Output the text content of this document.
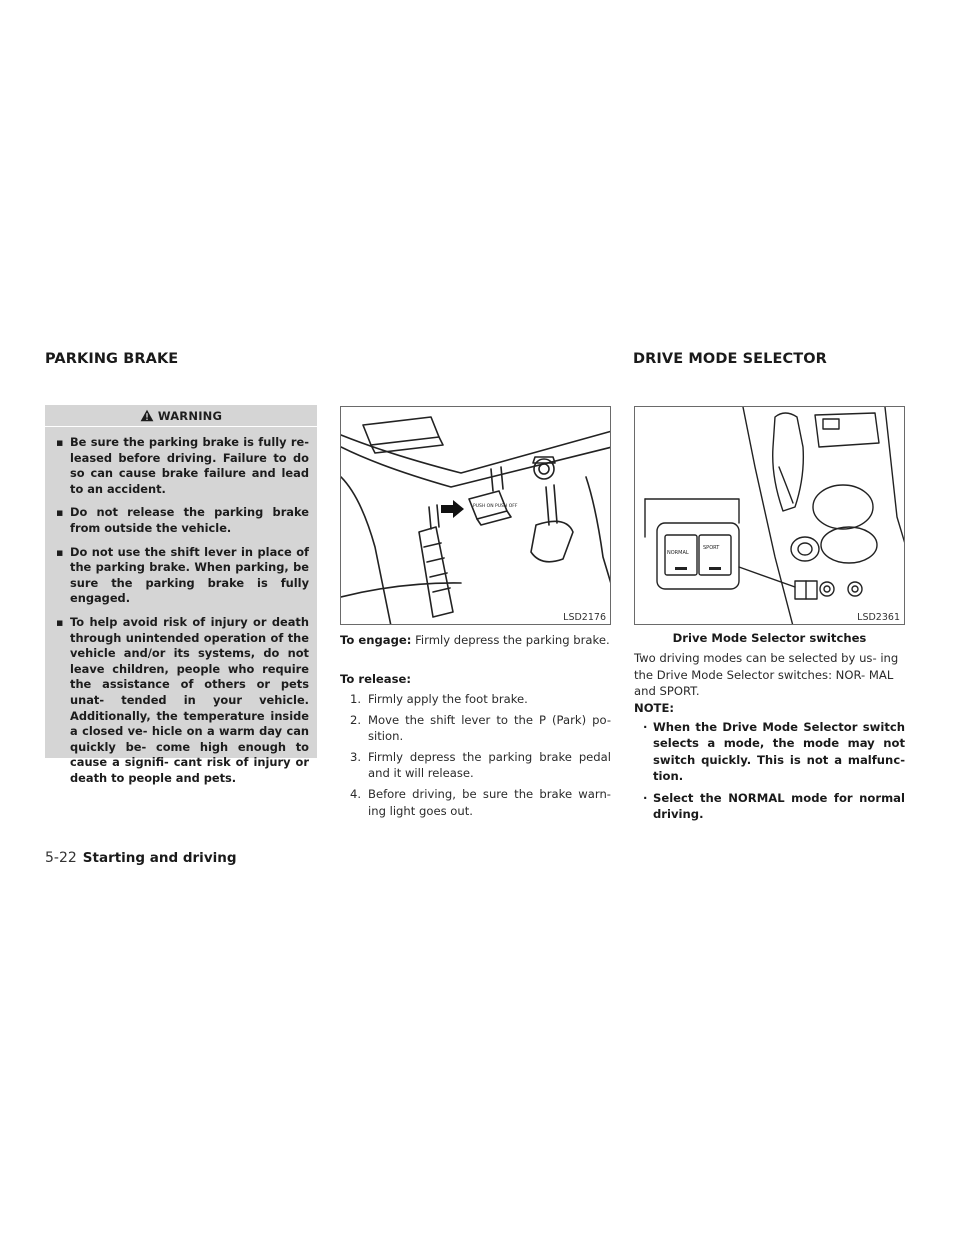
PARKING BRAKE	DRIVE MODE SELECTOR
WARNING
▪ Be sure the parking brake is fully re- leased before driving. Failure to do so can cause brake failure and lead to an accident.
▪ Do not release the parking brake from outside the vehicle.
▪ Do not use the shift lever in place of the parking brake. When parking, be sure the parking brake is fully engaged.
▪ To help avoid risk of injury or death through unintended operation of the vehicle and/or its systems, do not leave children, people who require the assistance of others or pets unat- tended in your vehicle. Additionally, the temperature inside a closed ve- hicle on a warm day can quickly be- come high enough to cause a signifi- cant risk of injury or death to people and pets.
PUSH ON PUSH OFF
LSD2176
NORMAL
SPORT
LSD2361
To engage: Firmly depress the parking brake.
To release:
1. Firmly apply the foot brake.
2. Move the shift lever to the P (Park) po- sition.
3. Firmly depress the parking brake pedal and it will release.
4. Before driving, be sure the brake warn- ing light goes out.
Drive Mode Selector switches
Two driving modes can be selected by us- ing the Drive Mode Selector switches: NOR- MAL and SPORT.
NOTE:
· When the Drive Mode Selector switch selects a mode, the mode may not switch quickly. This is not a malfunc- tion.
· Select the NORMAL mode for normal driving.
5-22 Starting and driving
